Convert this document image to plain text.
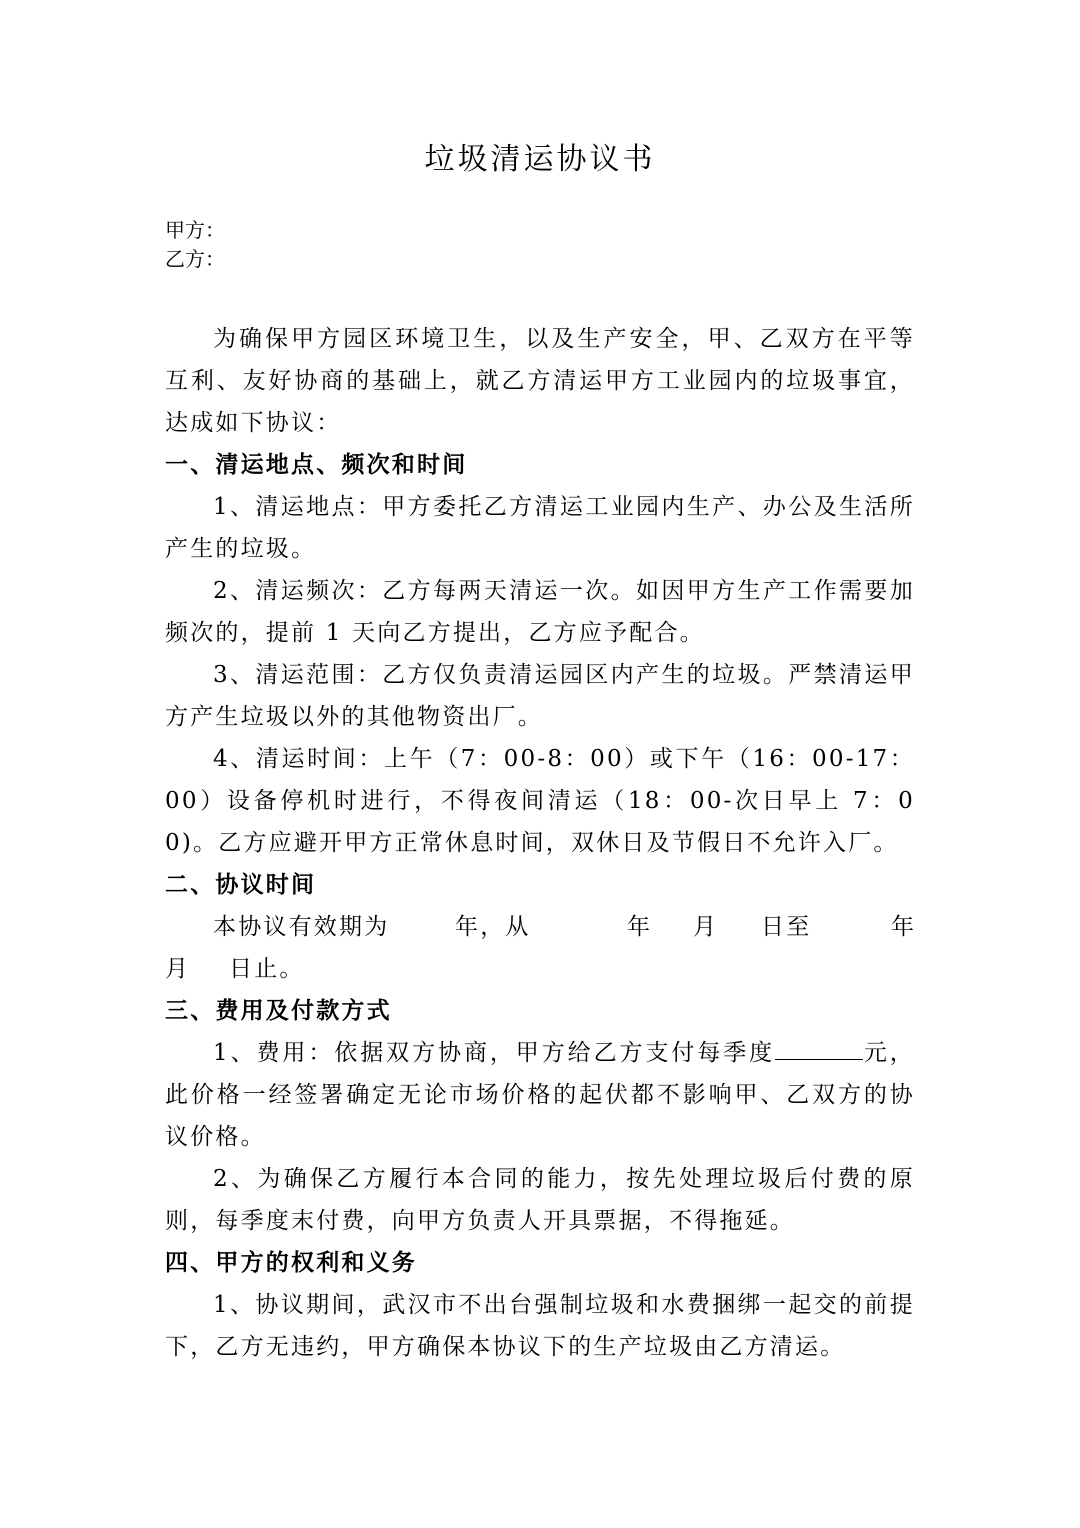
垃圾清运协议书
甲方：
乙方：

为确保甲方园区环境卫生，以及生产安全，甲、乙双方在平等互利、友好协商的基础上，就乙方清运甲方工业园内的垃圾事宜，达成如下协议：

一、清运地点、频次和时间

1、清运地点：甲方委托乙方清运工业园内生产、办公及生活所产生的垃圾。

2、清运频次：乙方每两天清运一次。如因甲方生产工作需要加频次的，提前 1 天向乙方提出，乙方应予配合。

3、清运范围：乙方仅负责清运园区内产生的垃圾。严禁清运甲方产生垃圾以外的其他物资出厂。

4、清运时间：上午（7：00-8：00）或下午（16：00-17：00）设备停机时进行，不得夜间清运（18：00-次日早上 7：00)。乙方应避开甲方正常休息时间，双休日及节假日不允许入厂。

二、协议时间

本协议有效期为	年，从	年 月 日至	年
月 日止。

三、费用及付款方式

1、费用：依据双方协商，甲方给乙方支付每季度	元，此价格一经签署确定无论市场价格的起伏都不影响甲、乙双方的协议价格。

2、为确保乙方履行本合同的能力，按先处理垃圾后付费的原则，每季度末付费，向甲方负责人开具票据，不得拖延。

四、甲方的权利和义务

1、协议期间，武汉市不出台强制垃圾和水费捆绑一起交的前提下，乙方无违约，甲方确保本协议下的生产垃圾由乙方清运。
